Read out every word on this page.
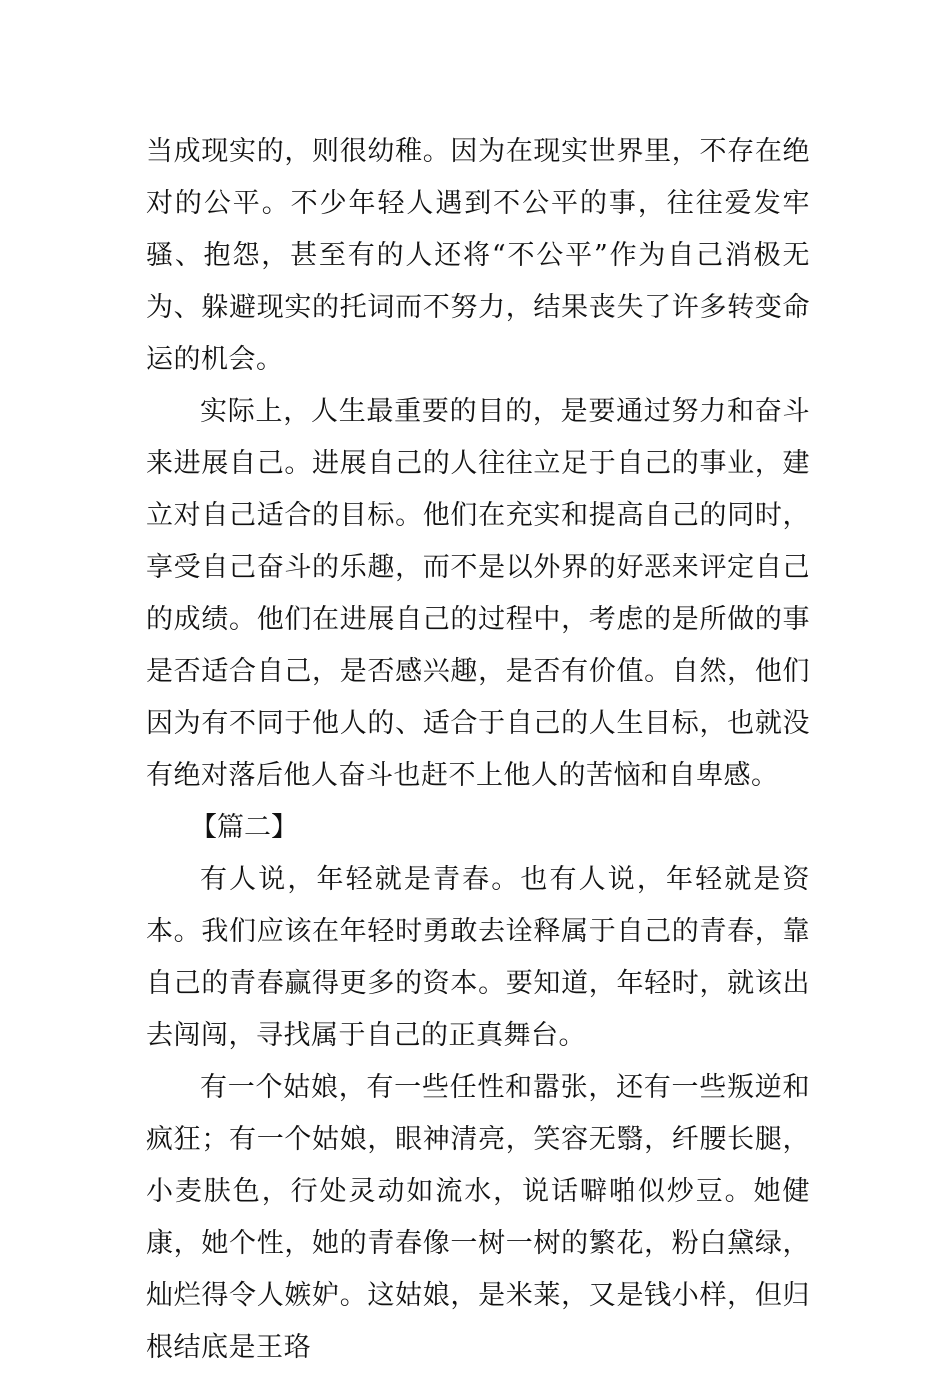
当成现实的，则很幼稚。因为在现实世界里，不存在绝对的公平。不少年轻人遇到不公平的事，往往爱发牢骚、抱怨，甚至有的人还将“不公平”作为自己消极无为、躲避现实的托词而不努力，结果丧失了许多转变命运的机会。

实际上，人生最重要的目的，是要通过努力和奋斗来进展自己。进展自己的人往往立足于自己的事业，建立对自己适合的目标。他们在充实和提高自己的同时，享受自己奋斗的乐趣，而不是以外界的好恶来评定自己的成绩。他们在进展自己的过程中，考虑的是所做的事是否适合自己，是否感兴趣，是否有价值。自然，他们因为有不同于他人的、适合于自己的人生目标，也就没有绝对落后他人奋斗也赶不上他人的苦恼和自卑感。

【篇二】

有人说，年轻就是青春。也有人说，年轻就是资本。我们应该在年轻时勇敢去诠释属于自己的青春，靠自己的青春赢得更多的资本。要知道，年轻时，就该出去闯闯，寻找属于自己的正真舞台。

有一个姑娘，有一些任性和嚣张，还有一些叛逆和疯狂；有一个姑娘，眼神清亮，笑容无翳，纤腰长腿，小麦肤色，行处灵动如流水，说话噼啪似炒豆。她健康，她个性，她的青春像一树一树的繁花，粉白黛绿，灿烂得令人嫉妒。这姑娘，是米莱，又是钱小样，但归根结底是王珞
